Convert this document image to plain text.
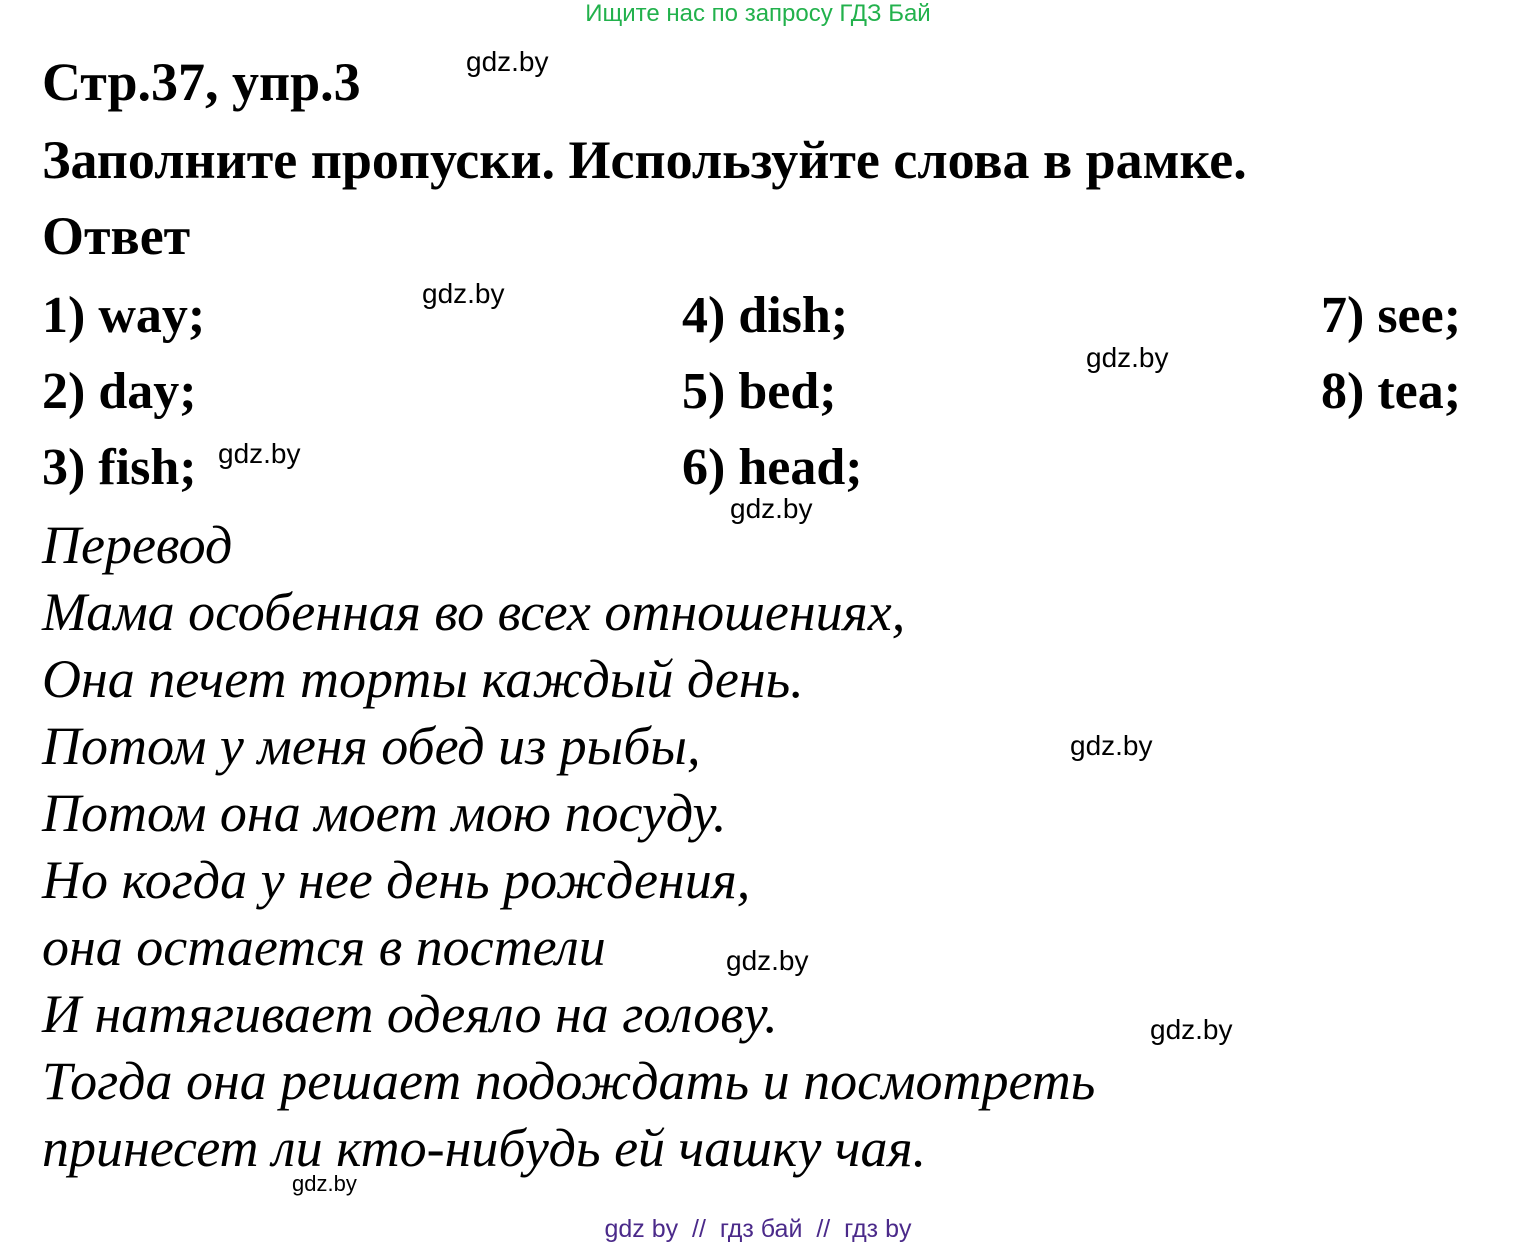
Ищите нас по запросу ГДЗ Бай
Стр.37, упр.3
Заполните пропуски. Используйте слова в рамке.
Ответ
1) way;
2) day;
3) fish;
4) dish;
5) bed;
6) head;
7) see;
8) tea;
Перевод
Мама особенная во всех отношениях,
Она печет торты каждый день.
Потом у меня обед из рыбы,
Потом она моет мою посуду.
Но когда у нее день рождения,
она остается в постели
И натягивает одеяло на голову.
Тогда она решает подождать и посмотреть
принесет ли кто-нибудь ей чашку чая.
gdz.by
gdz.by
gdz.by
gdz.by
gdz.by
gdz.by
gdz.by
gdz.by
gdz.by
gdz by  //  гдз бай  //  гдз by
